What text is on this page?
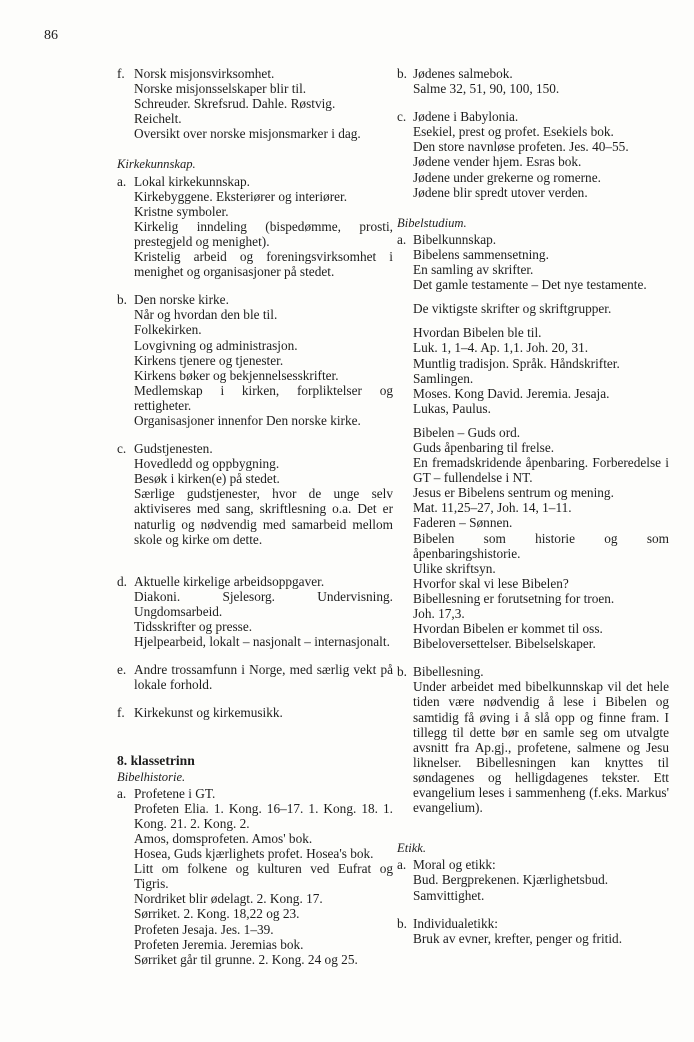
86
f. Norsk misjonsvirksomhet.
Norske misjonsselskaper blir til.
Schreuder. Skrefsrud. Dahle. Røstvig.
Reichelt.
Oversikt over norske misjonsmarker i dag.
Kirkekunnskap.
a. Lokal kirkekunnskap.
Kirkebyggene. Eksteriører og interiører.
Kristne symboler.
Kirkelig inndeling (bispedømme, prosti, prestegjeld og menighet).
Kristelig arbeid og foreningsvirksomhet i menighet og organisasjoner på stedet.
b. Den norske kirke.
Når og hvordan den ble til.
Folkekirken.
Lovgivning og administrasjon.
Kirkens tjenere og tjenester.
Kirkens bøker og bekjennelsesskrifter.
Medlemskap i kirken, forpliktelser og rettigheter.
Organisasjoner innenfor Den norske kirke.
c. Gudstjenesten.
Hovedledd og oppbygning.
Besøk i kirken(e) på stedet.
Særlige gudstjenester, hvor de unge selv aktiviseres med sang, skriftlesning o.a. Det er naturlig og nødvendig med samarbeid mellom skole og kirke om dette.
d. Aktuelle kirkelige arbeidsoppgaver.
Diakoni. Sjelesorg. Undervisning. Ungdomsarbeid.
Tidsskrifter og presse.
Hjelpearbeid, lokalt – nasjonalt – internasjonalt.
e. Andre trossamfunn i Norge, med særlig vekt på lokale forhold.
f. Kirkekunst og kirkemusikk.
8. klassetrinn
Bibelhistorie.
a. Profetene i GT.
Profeten Elia. 1. Kong. 16–17. 1. Kong. 18. 1. Kong. 21. 2. Kong. 2.
Amos, domsprofeten. Amos' bok.
Hosea, Guds kjærlighets profet. Hosea's bok.
Litt om folkene og kulturen ved Eufrat og Tigris.
Nordriket blir ødelagt. 2. Kong. 17.
Sørriket. 2. Kong. 18,22 og 23.
Profeten Jesaja. Jes. 1–39.
Profeten Jeremia. Jeremias bok.
Sørriket går til grunne. 2. Kong. 24 og 25.
b. Jødenes salmebok.
Salme 32, 51, 90, 100, 150.
c. Jødene i Babylonia.
Esekiel, prest og profet. Esekiels bok.
Den store navnløse profeten. Jes. 40–55.
Jødene vender hjem. Esras bok.
Jødene under grekerne og romerne.
Jødene blir spredt utover verden.
Bibelstudium.
a. Bibelkunnskap.
Bibelens sammensetning.
En samling av skrifter.
Det gamle testamente – Det nye testamente.
De viktigste skrifter og skriftgrupper.
Hvordan Bibelen ble til.
Luk. 1, 1–4. Ap. 1,1. Joh. 20, 31.
Muntlig tradisjon. Språk. Håndskrifter.
Samlingen.
Moses. Kong David. Jeremia. Jesaja.
Lukas, Paulus.
Bibelen – Guds ord.
Guds åpenbaring til frelse.
En fremadskridende åpenbaring. Forberedelse i GT – fullendelse i NT.
Jesus er Bibelens sentrum og mening.
Mat. 11,25–27, Joh. 14, 1–11.
Faderen – Sønnen.
Bibelen som historie og som åpenbaringshistorie.
Ulike skriftsyn.
Hvorfor skal vi lese Bibelen?
Bibellesning er forutsetning for troen.
Joh. 17,3.
Hvordan Bibelen er kommet til oss.
Bibeloversettelser. Bibelselskaper.
b. Bibellesning.
Under arbeidet med bibelkunnskap vil det hele tiden være nødvendig å lese i Bibelen og samtidig få øving i å slå opp og finne fram. I tillegg til dette bør en samle seg om utvalgte avsnitt fra Ap.gj., profetene, salmene og Jesu liknelser. Bibellesningen kan knyttes til søndagenes og helligdagenes tekster. Ett evangelium leses i sammenheng (f.eks. Markus' evangelium).
Etikk.
a. Moral og etikk:
Bud. Bergprekenen. Kjærlighetsbud.
Samvittighet.
b. Individualetikk:
Bruk av evner, krefter, penger og fritid.
